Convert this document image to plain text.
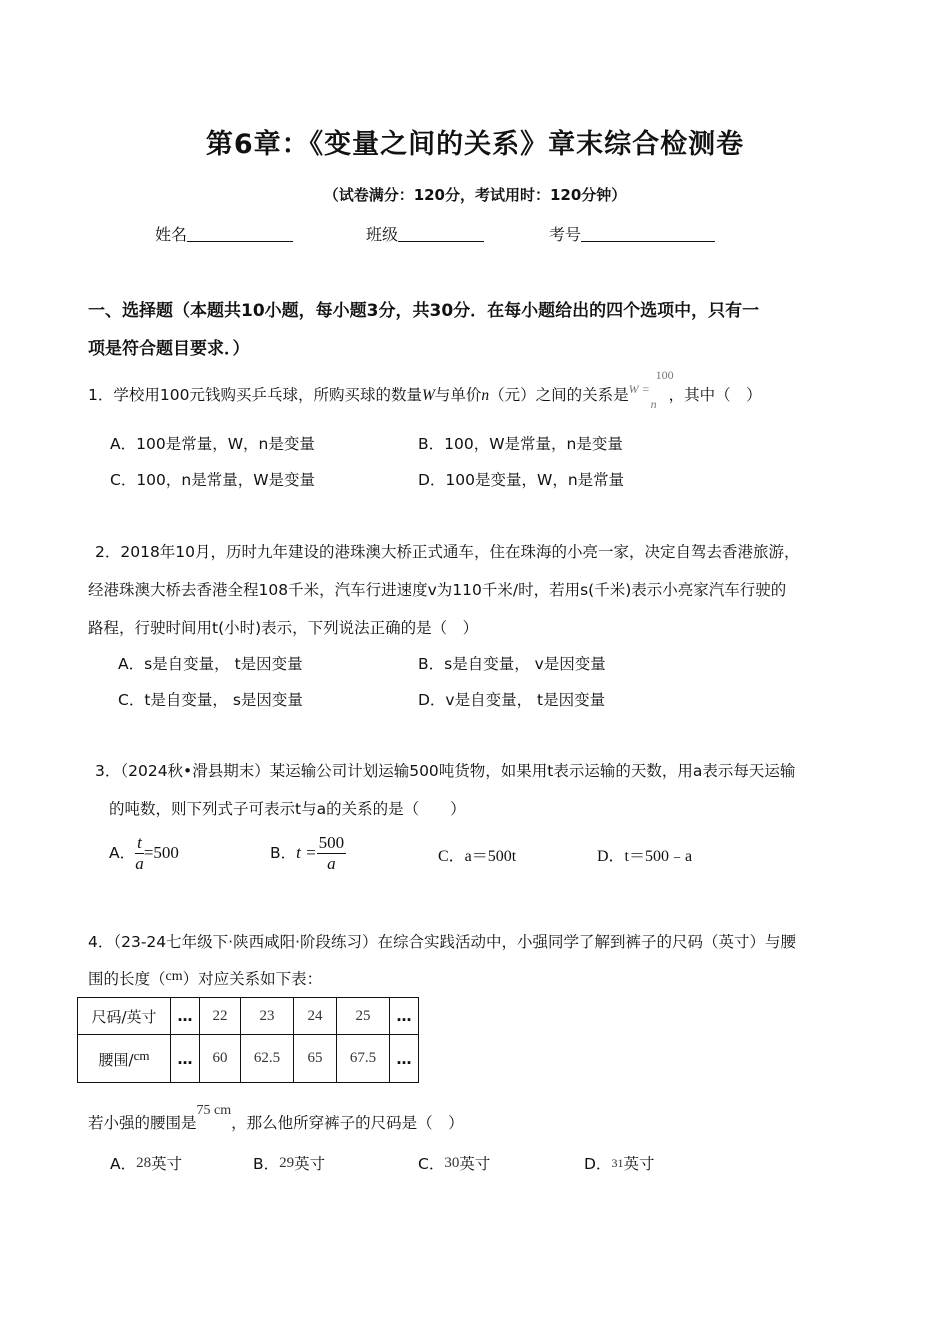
第6章：《变量之间的关系》章末综合检测卷
（试卷满分：120分，考试用时：120分钟）
姓名	班级	考号
一、选择题（本题共10小题，每小题3分，共30分．在每小题给出的四个选项中，只有一
项是符合题目要求．）
1．学校用100元钱购买乒乓球，所购买球的数量W与单价n（元）之间的关系是 W =
100
n ，其中（　）
A．100是常量，W，n是变量	B．100，W是常量，n是变量
C．100，n是常量，W是变量	D．100是变量，W，n是常量
2．2018年10月，历时九年建设的港珠澳大桥正式通车，住在珠海的小亮一家，决定自驾去香港旅游，
经港珠澳大桥去香港全程108千米，汽车行进速度v为110千米/时，若用s(千米)表示小亮家汽车行驶的
路程，行驶时间用t(小时)表示，下列说法正确的是（　）
A．s是自变量， t是因变量	B．s是自变量， v是因变量
C．t是自变量， s是因变量	D．v是自变量， t是因变量
3．（2024秋•滑县期末）某运输公司计划运输500吨货物，如果用t表示运输的天数，用a表示每天运输
的吨数，则下列式子可表示t与a的关系的是（　　）
A． $\frac{t}{a} =500$	B．$t = \frac{500}{a}$	C．a＝500t	D．t＝500﹣a
4．（23-24七年级下·陕西咸阳·阶段练习）在综合实践活动中，小强同学了解到裤子的尺码（英寸）与腰
围的长度（cm）对应关系如下表：
尺码/英寸	…	22	23	24	25	…
腰围/cm	…	60	62.5	65	67.5	…
若小强的腰围是75 cm，那么他所穿裤子的尺码是（　）
A．28英寸	B．29英寸	C．30英寸	D．31英寸
